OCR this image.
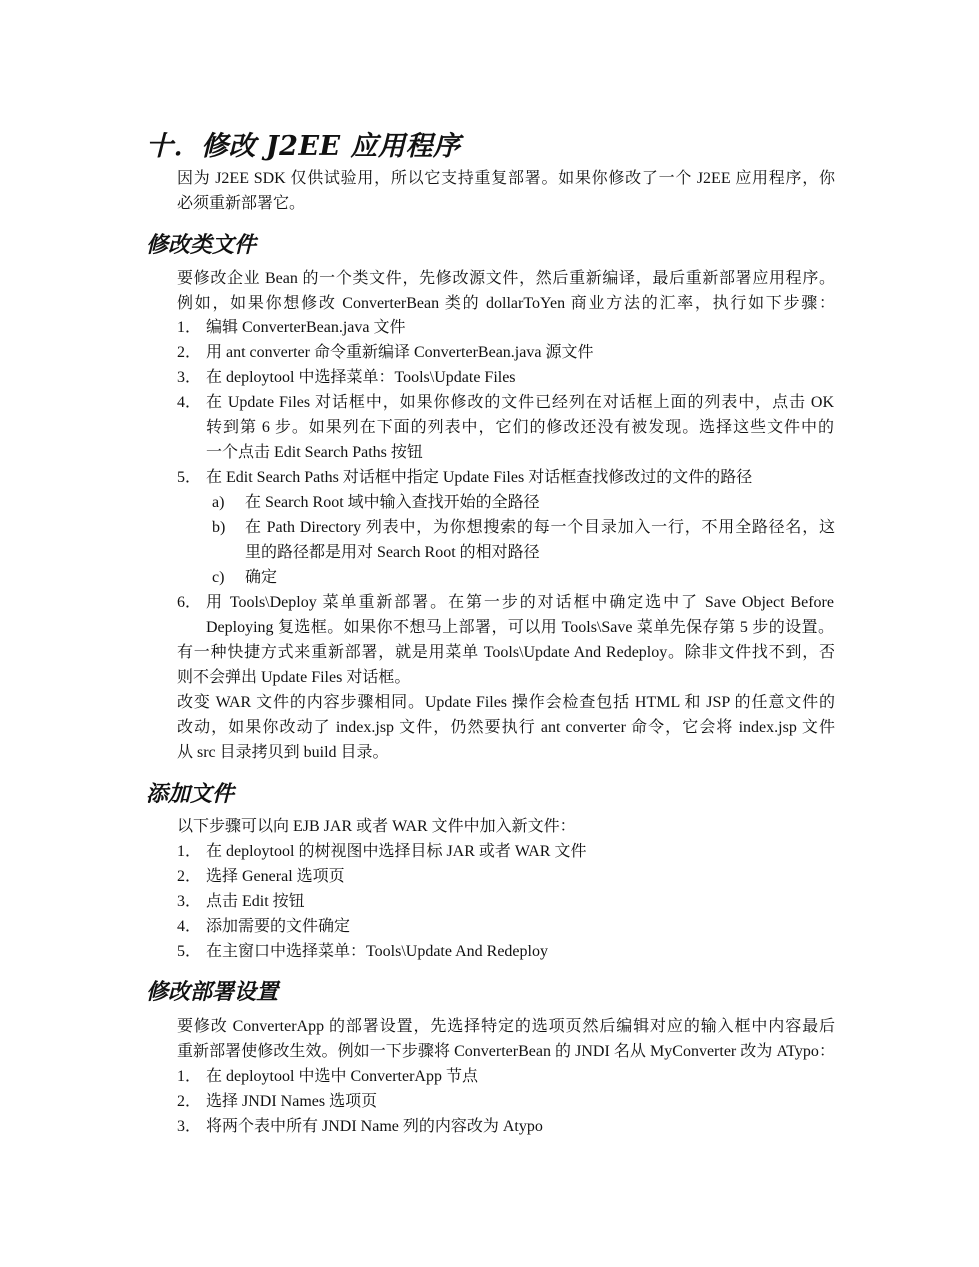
十．修改 J2EE 应用程序
因为 J2EE SDK 仅供试验用，所以它支持重复部署。如果你修改了一个 J2EE 应用程序，你
必须重新部署它。
修改类文件
要修改企业 Bean 的一个类文件，先修改源文件，然后重新编译，最后重新部署应用程序。
例如，如果你想修改 ConverterBean 类的 dollarToYen 商业方法的汇率，执行如下步骤：
1． 编辑 ConverterBean.java 文件
2． 用 ant converter 命令重新编译 ConverterBean.java 源文件
3． 在 deploytool 中选择菜单：Tools\Update Files
4． 在 Update Files 对话框中，如果你修改的文件已经列在对话框上面的列表中，点击 OK
转到第 6 步。如果列在下面的列表中，它们的修改还没有被发现。选择这些文件中的
一个点击 Edit Search Paths 按钮
5． 在 Edit Search Paths 对话框中指定 Update Files 对话框查找修改过的文件的路径
a) 在 Search Root 域中输入查找开始的全路径
b) 在 Path Directory 列表中，为你想搜索的每一个目录加入一行，不用全路径名，这
里的路径都是用对 Search Root 的相对路径
c) 确定
6． 用 Tools\Deploy 菜单重新部署。在第一步的对话框中确定选中了 Save Object Before
Deploying 复选框。如果你不想马上部署，可以用 Tools\Save 菜单先保存第 5 步的设置。
有一种快捷方式来重新部署，就是用菜单 Tools\Update And Redeploy。除非文件找不到，否
则不会弹出 Update Files 对话框。
改变 WAR 文件的内容步骤相同。Update Files 操作会检查包括 HTML 和 JSP 的任意文件的
改动，如果你改动了 index.jsp 文件，仍然要执行 ant converter 命令，它会将 index.jsp 文件
从 src 目录拷贝到 build 目录。
添加文件
以下步骤可以向 EJB JAR 或者 WAR 文件中加入新文件：
1． 在 deploytool 的树视图中选择目标 JAR 或者 WAR 文件
2． 选择 General 选项页
3． 点击 Edit 按钮
4． 添加需要的文件确定
5． 在主窗口中选择菜单：Tools\Update And Redeploy
修改部署设置
要修改 ConverterApp 的部署设置，先选择特定的选项页然后编辑对应的输入框中内容最后
重新部署使修改生效。例如一下步骤将 ConverterBean 的 JNDI 名从 MyConverter 改为 ATypo：
1． 在 deploytool 中选中 ConverterApp 节点
2． 选择 JNDI Names 选项页
3． 将两个表中所有 JNDI Name 列的内容改为 Atypo
